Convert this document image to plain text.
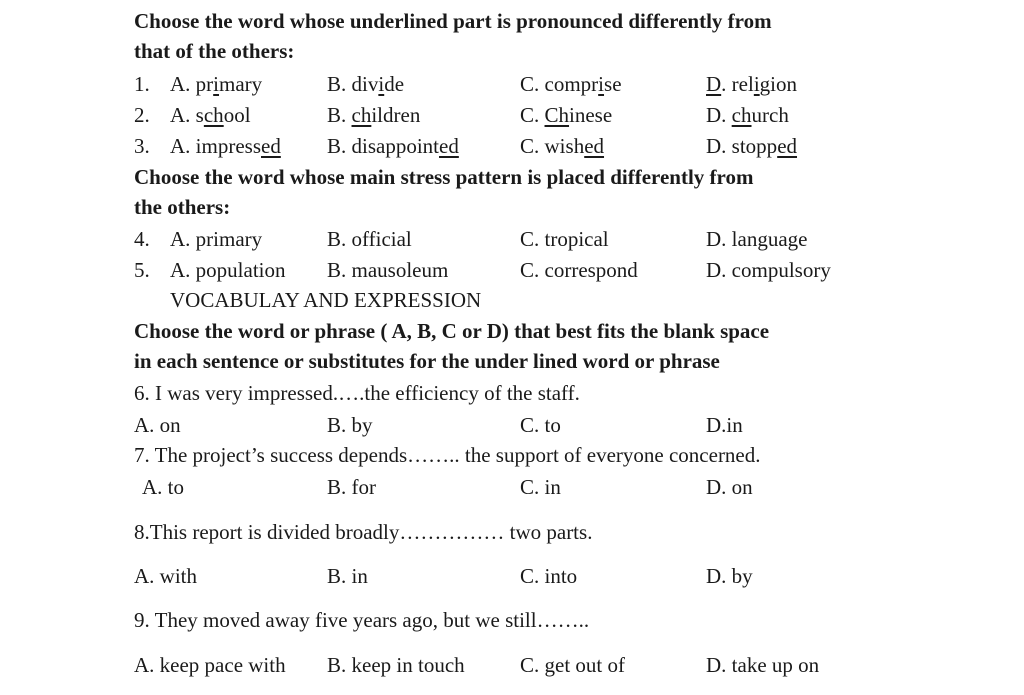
Choose the word whose underlined part is pronounced differently from
that of the others:
1. A. primary	B. divide	C. comprise	D. religion
2. A. school	B. children	C. Chinese	D. church
3. A. impressed B. disappointed	C. wished	D. stopped
Choose the word whose main stress pattern is placed differently from
the others:
4. A. primary	B. official	C. tropical	D. language
5. A. population B. mausoleum	C. correspond	D. compulsory
VOCABULAY AND EXPRESSION
Choose the word or phrase ( A, B, C or D) that best fits the blank space
in each sentence or substitutes for the under lined word or phrase
6. I was very impressed.….the efficiency of the staff.
A. on	B. by	C. to	D.in
7. The project’s success depends…….. the support of everyone concerned.
A. to	B. for	C. in	D. on
8.This report is divided broadly…………… two parts.
A. with	B. in	C. into	D. by
9. They moved away five years ago, but we still……..
A. keep pace with B. keep in touch	C. get out of	D. take up on
